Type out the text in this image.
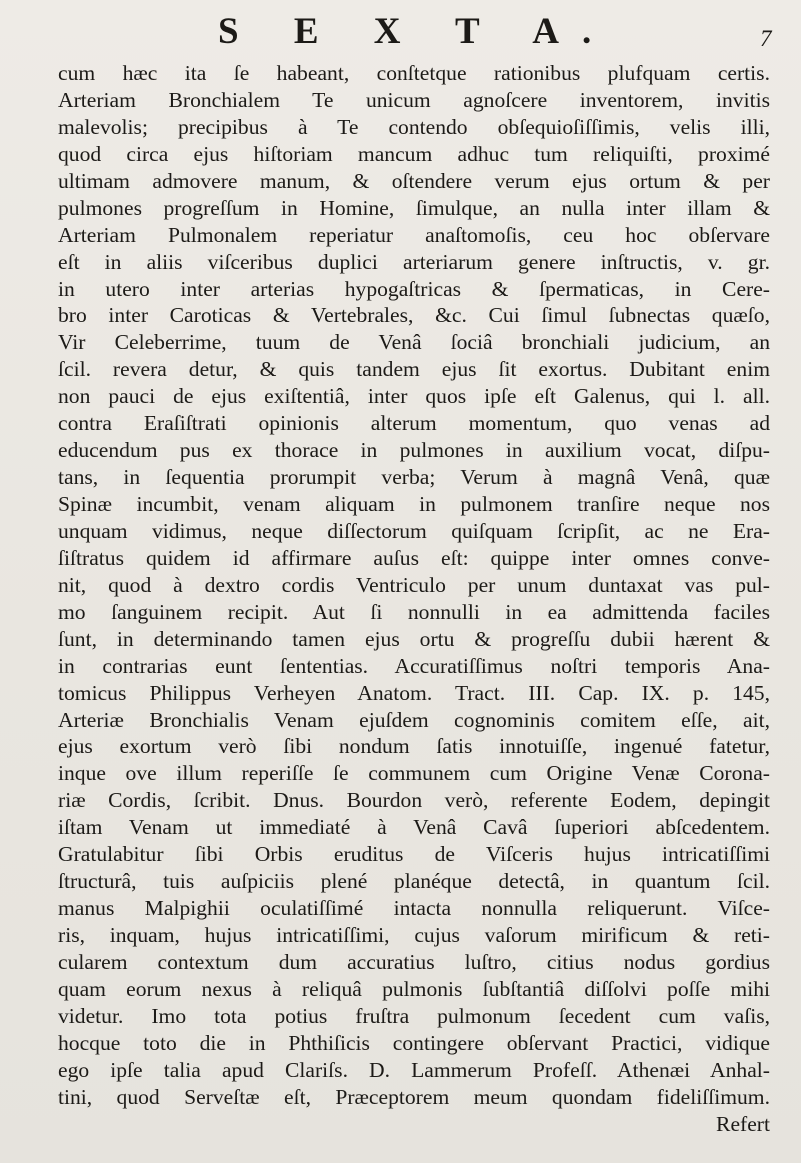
S E X T A.	7
cum hæc ita ſe habeant, conſtetque rationibus plufquam certis.
Arteriam Bronchialem Te unicum agnoſcere inventorem, invitis
malevolis; precipibus à Te contendo obſequioſiſſimis, velis illi,
quod circa ejus hiſtoriam mancum adhuc tum reliquiſti, proximé
ultimam admovere manum, & oſtendere verum ejus ortum & per
pulmones progreſſum in Homine, ſimulque, an nulla inter illam &
Arteriam Pulmonalem reperiatur anaſtomoſis, ceu hoc obſervare
eſt in aliis viſceribus duplici arteriarum genere inſtructis, v. gr.
in utero inter arterias hypogaſtricas & ſpermaticas, in Cere-
bro inter Caroticas & Vertebrales, &c. Cui ſimul ſubnectas quæſo,
Vir Celeberrime, tuum de Venâ ſociâ bronchiali judicium, an
ſcil. revera detur, & quis tandem ejus ſit exortus. Dubitant enim
non pauci de ejus exiſtentiâ, inter quos ipſe eſt Galenus, qui l. all.
contra Eraſiſtrati opinionis alterum momentum, quo venas ad
educendum pus ex thorace in pulmones in auxilium vocat, diſpu-
tans, in ſequentia prorumpit verba; Verum à magnâ Venâ, quæ
Spinæ incumbit, venam aliquam in pulmonem tranſire neque nos
unquam vidimus, neque diſſectorum quiſquam ſcripſit, ac ne Era-
ſiſtratus quidem id affirmare auſus eſt: quippe inter omnes conve-
nit, quod à dextro cordis Ventriculo per unum duntaxat vas pul-
mo ſanguinem recipit. Aut ſi nonnulli in ea admittenda faciles
ſunt, in determinando tamen ejus ortu & progreſſu dubii hærent &
in contrarias eunt ſententias. Accuratiſſimus noſtri temporis Ana-
tomicus Philippus Verheyen Anatom. Tract. III. Cap. IX. p. 145,
Arteriæ Bronchialis Venam ejuſdem cognominis comitem eſſe, ait,
ejus exortum verò ſibi nondum ſatis innotuiſſe, ingenué fatetur,
inque ove illum reperiſſe ſe communem cum Origine Venæ Corona-
riæ Cordis, ſcribit. Dnus. Bourdon verò, referente Eodem, depingit
iſtam Venam ut immediaté à Venâ Cavâ ſuperiori abſcedentem.
Gratulabitur ſibi Orbis eruditus de Viſceris hujus intricatiſſimi
ſtructurâ, tuis auſpiciis plené planéque detectâ, in quantum ſcil.
manus Malpighii oculatiſſimé intacta nonnulla reliquerunt. Viſce-
ris, inquam, hujus intricatiſſimi, cujus vaſorum mirificum & reti-
cularem contextum dum accuratius luſtro, citius nodus gordius
quam eorum nexus à reliquâ pulmonis ſubſtantiâ diſſolvi poſſe mihi
videtur. Imo tota potius fruſtra pulmonum ſecedent cum vaſis,
hocque toto die in Phthiſicis contingere obſervant Practici, vidique
ego ipſe talia apud Clariſs. D. Lammerum Profeſſ. Athenæi Anhal-
tini, quod Serveſtæ eſt, Præceptorem meum quondam fideliſſimum.
Refert
